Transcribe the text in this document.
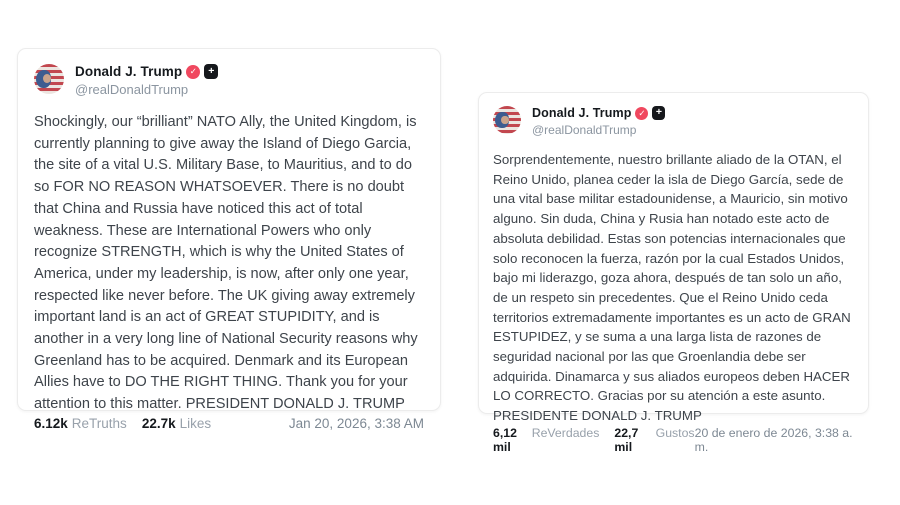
Donald J. Trump ✓	+
@realDonaldTrump
Shockingly, our “brilliant” NATO Ally, the United Kingdom, is currently planning to give away the Island of Diego Garcia, the site of a vital U.S. Military Base, to Mauritius, and to do so FOR NO REASON WHATSOEVER. There is no doubt that China and Russia have noticed this act of total weakness. These are International Powers who only recognize STRENGTH, which is why the United States of America, under my leadership, is now, after only one year, respected like never before. The UK giving away extremely important land is an act of GREAT STUPIDITY, and is another in a very long line of National Security reasons why Greenland has to be acquired. Denmark and its European Allies have to DO THE RIGHT THING. Thank you for your attention to this matter. PRESIDENT DONALD J. TRUMP
6.12k ReTruths 22.7k Likes	Jan 20, 2026, 3:38 AM
Donald J. Trump ✓ +
@realDonaldTrump
Sorprendentemente, nuestro brillante aliado de la OTAN, el Reino Unido, planea ceder la isla de Diego García, sede de una vital base militar estadounidense, a Mauricio, sin motivo alguno. Sin duda, China y Rusia han notado este acto de absoluta debilidad. Estas son potencias internacionales que solo reconocen la fuerza, razón por la cual Estados Unidos, bajo mi liderazgo, goza ahora, después de tan solo un año, de un respeto sin precedentes. Que el Reino Unido ceda territorios extremadamente importantes es un acto de GRAN ESTUPIDEZ, y se suma a una larga lista de razones de seguridad nacional por las que Groenlandia debe ser adquirida. Dinamarca y sus aliados europeos deben HACER LO CORRECTO. Gracias por su atención a este asunto. PRESIDENTE DONALD J. TRUMP
6,12 mil
ReVerdades 22,7 mil
Gustos 20 de enero de 2026, 3:38 a. m.
